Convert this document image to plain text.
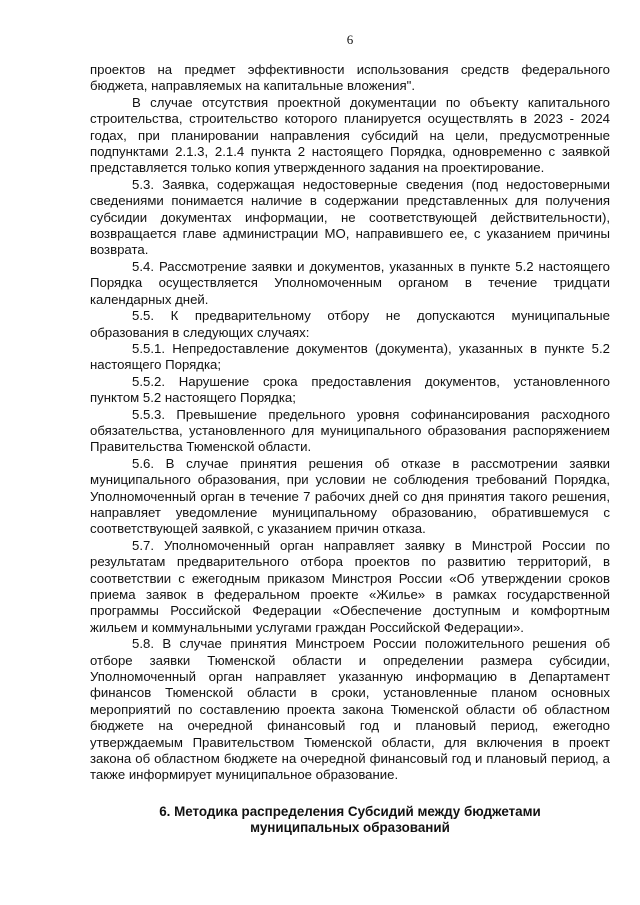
6

проектов на предмет эффективности использования средств федерального бюджета, направляемых на капитальные вложения".

В случае отсутствия проектной документации по объекту капитального строительства, строительство которого планируется осуществлять в 2023 - 2024 годах, при планировании направления субсидий на цели, предусмотренные подпунктами 2.1.3, 2.1.4 пункта 2 настоящего Порядка, одновременно с заявкой представляется только копия утвержденного задания на проектирование.

5.3. Заявка, содержащая недостоверные сведения (под недостоверными сведениями понимается наличие в содержании представленных для получения субсидии документах информации, не соответствующей действительности), возвращается главе администрации МО, направившего ее, с указанием причины возврата.

5.4. Рассмотрение заявки и документов, указанных в пункте 5.2 настоящего Порядка осуществляется Уполномоченным органом в течение тридцати календарных дней.

5.5. К предварительному отбору не допускаются муниципальные образования в следующих случаях:

5.5.1. Непредоставление документов (документа), указанных в пункте 5.2 настоящего Порядка;

5.5.2. Нарушение срока предоставления документов, установленного пунктом 5.2 настоящего Порядка;

5.5.3. Превышение предельного уровня софинансирования расходного обязательства, установленного для муниципального образования распоряжением Правительства Тюменской области.

5.6. В случае принятия решения об отказе в рассмотрении заявки муниципального образования, при условии не соблюдения требований Порядка, Уполномоченный орган в течение 7 рабочих дней со дня принятия такого решения, направляет уведомление муниципальному образованию, обратившемуся с соответствующей заявкой, с указанием причин отказа.

5.7. Уполномоченный орган направляет заявку в Минстрой России по результатам предварительного отбора проектов по развитию территорий, в соответствии с ежегодным приказом Минстроя России «Об утверждении сроков приема заявок в федеральном проекте «Жилье» в рамках государственной программы Российской Федерации «Обеспечение доступным и комфортным жильем и коммунальными услугами граждан Российской Федерации».

5.8. В случае принятия Минстроем России положительного решения об отборе заявки Тюменской области и определении размера субсидии, Уполномоченный орган направляет указанную информацию в Департамент финансов Тюменской области в сроки, установленные планом основных мероприятий по составлению проекта закона Тюменской области об областном бюджете на очередной финансовый год и плановый период, ежегодно утверждаемым Правительством Тюменской области, для включения в проект закона об областном бюджете на очередной финансовый год и плановый период, а также информирует муниципальное образование.

6. Методика распределения Субсидий между бюджетами
муниципальных образований
